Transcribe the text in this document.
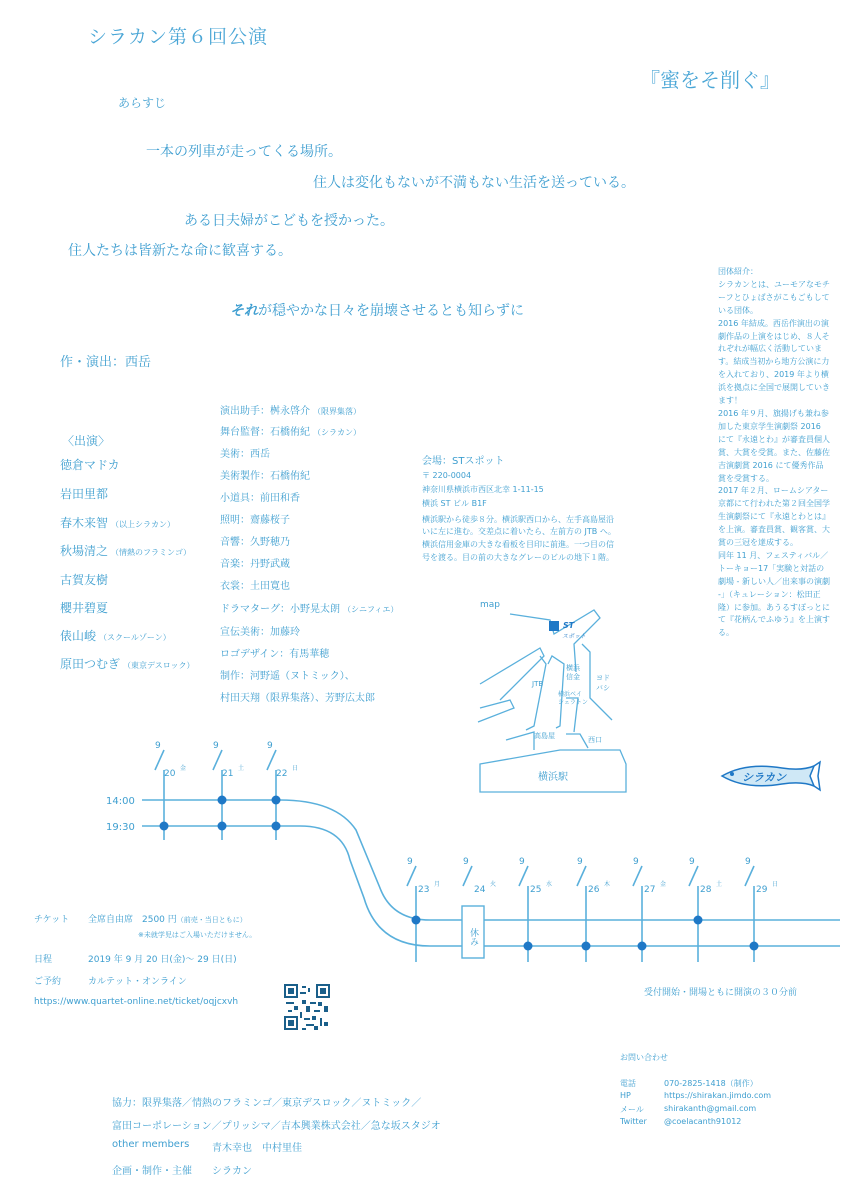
シラカン第６回公演
『蜜をそ削ぐ』
あらすじ
一本の列車が走ってくる場所。
住人は変化もないが不満もない生活を送っている。
ある日夫婦がこどもを授かった。
住人たちは皆新たな命に歓喜する。
それが穏やかな日々を崩壊させるとも知らずに
作・演出：西岳
〈出演〉
徳倉マドカ
岩田里都
春木来智 （以上シラカン）
秋場清之 （情熱のフラミンゴ）
古賀友樹
櫻井碧夏
俵山峻 （スクールゾーン）
原田つむぎ （東京デスロック）
演出助手：桝永啓介 （限界集落）
舞台監督：石橋侑紀 （シラカン）
美術：西岳
美術製作：石橋侑紀
小道具：前田和香
照明：齋藤桜子
音響：久野穂乃
音楽：丹野武蔵
衣裳：土田寛也
ドラマターグ：小野晃太朗 （シニフィエ）
宣伝美術：加藤玲
ロゴデザイン：有馬華穂
制作：河野遥（ヌトミック）、
村田天翔（限界集落）、芳野広太郎
会場：STスポット
〒 220-0004
神奈川県横浜市西区北幸 1-11-15
横浜 ST ビル B1F
横浜駅から徒歩８分。横浜駅西口から、左手高島屋沿
いに左に進む。交差点に着いたら、左前方の JTB へ。
横浜信用金庫の大きな看板を目印に前進。一つ目の信
号を渡る。目の前の大きなグレーのビルの地下１階。
map
ST
スポット
横浜
信金
JTB
横浜ベイ
シェラトン
ヨド
バシ
高島屋	西口
横浜駅
団体紹介：
シラカンとは、ユーモアなモチーフとひょばさがこもごもしている団体。
2016 年結成。西岳作演出の演劇作品の上演をはじめ、８人それぞれが幅広く活動しています。結成当初から地方公演に力を入れており、2019 年より横浜を拠点に全国で展開していきます！
2016 年９月、旗揚げも兼ね参加した東京学生演劇祭 2016 にて『永遠とわ』が審査員個人賞、大賞を受賞。また、佐藤佐吉演劇賞 2016 にて優秀作品賞を受賞する。
2017 年２月、ロームシアター京都にて行われた第２回全国学生演劇祭にて『永遠とわとは』を上演。審査員賞、観客賞、大賞の三冠を達成する。
同年 11 月、フェスティバル／トーキョー17「実験と対話の劇場 ‐ 新しい人／出来事の演劇 ‐」（キュレーション：松田正隆）に参加。あうるすぽっとにて『花柄んでふゆう』を上演する。
シラカン
14:00
19:30
9
20
金
9
21
土
9
22
日
9
23
月
9
24
火
9
25
水
9
26
木
9
27
金
9
28
土
9
29
日
休み
受付開始・開場ともに開演の３０分前
チケット 全席自由席　2500 円（前売・当日ともに）
※未就学児はご入場いただけません。
日程	2019 年 9 月 20 日(金)～ 29 日(日)
ご予約	カルテット・オンライン
https://www.quartet-online.net/ticket/oqjcxvh
協力：限界集落／情熱のフラミンゴ／東京デスロック／ヌトミック／
富田コーポレーション／プリッシマ／吉本興業株式会社／急な坂スタジオ
other members 青木幸也　中村里佳
企画・制作・主催 シラカン
お問い合わせ
電話	070-2825-1418（制作）
HP	https://shirakan.jimdo.com
メール	shirakanth@gmail.com
Twitter @coelacanth91012
